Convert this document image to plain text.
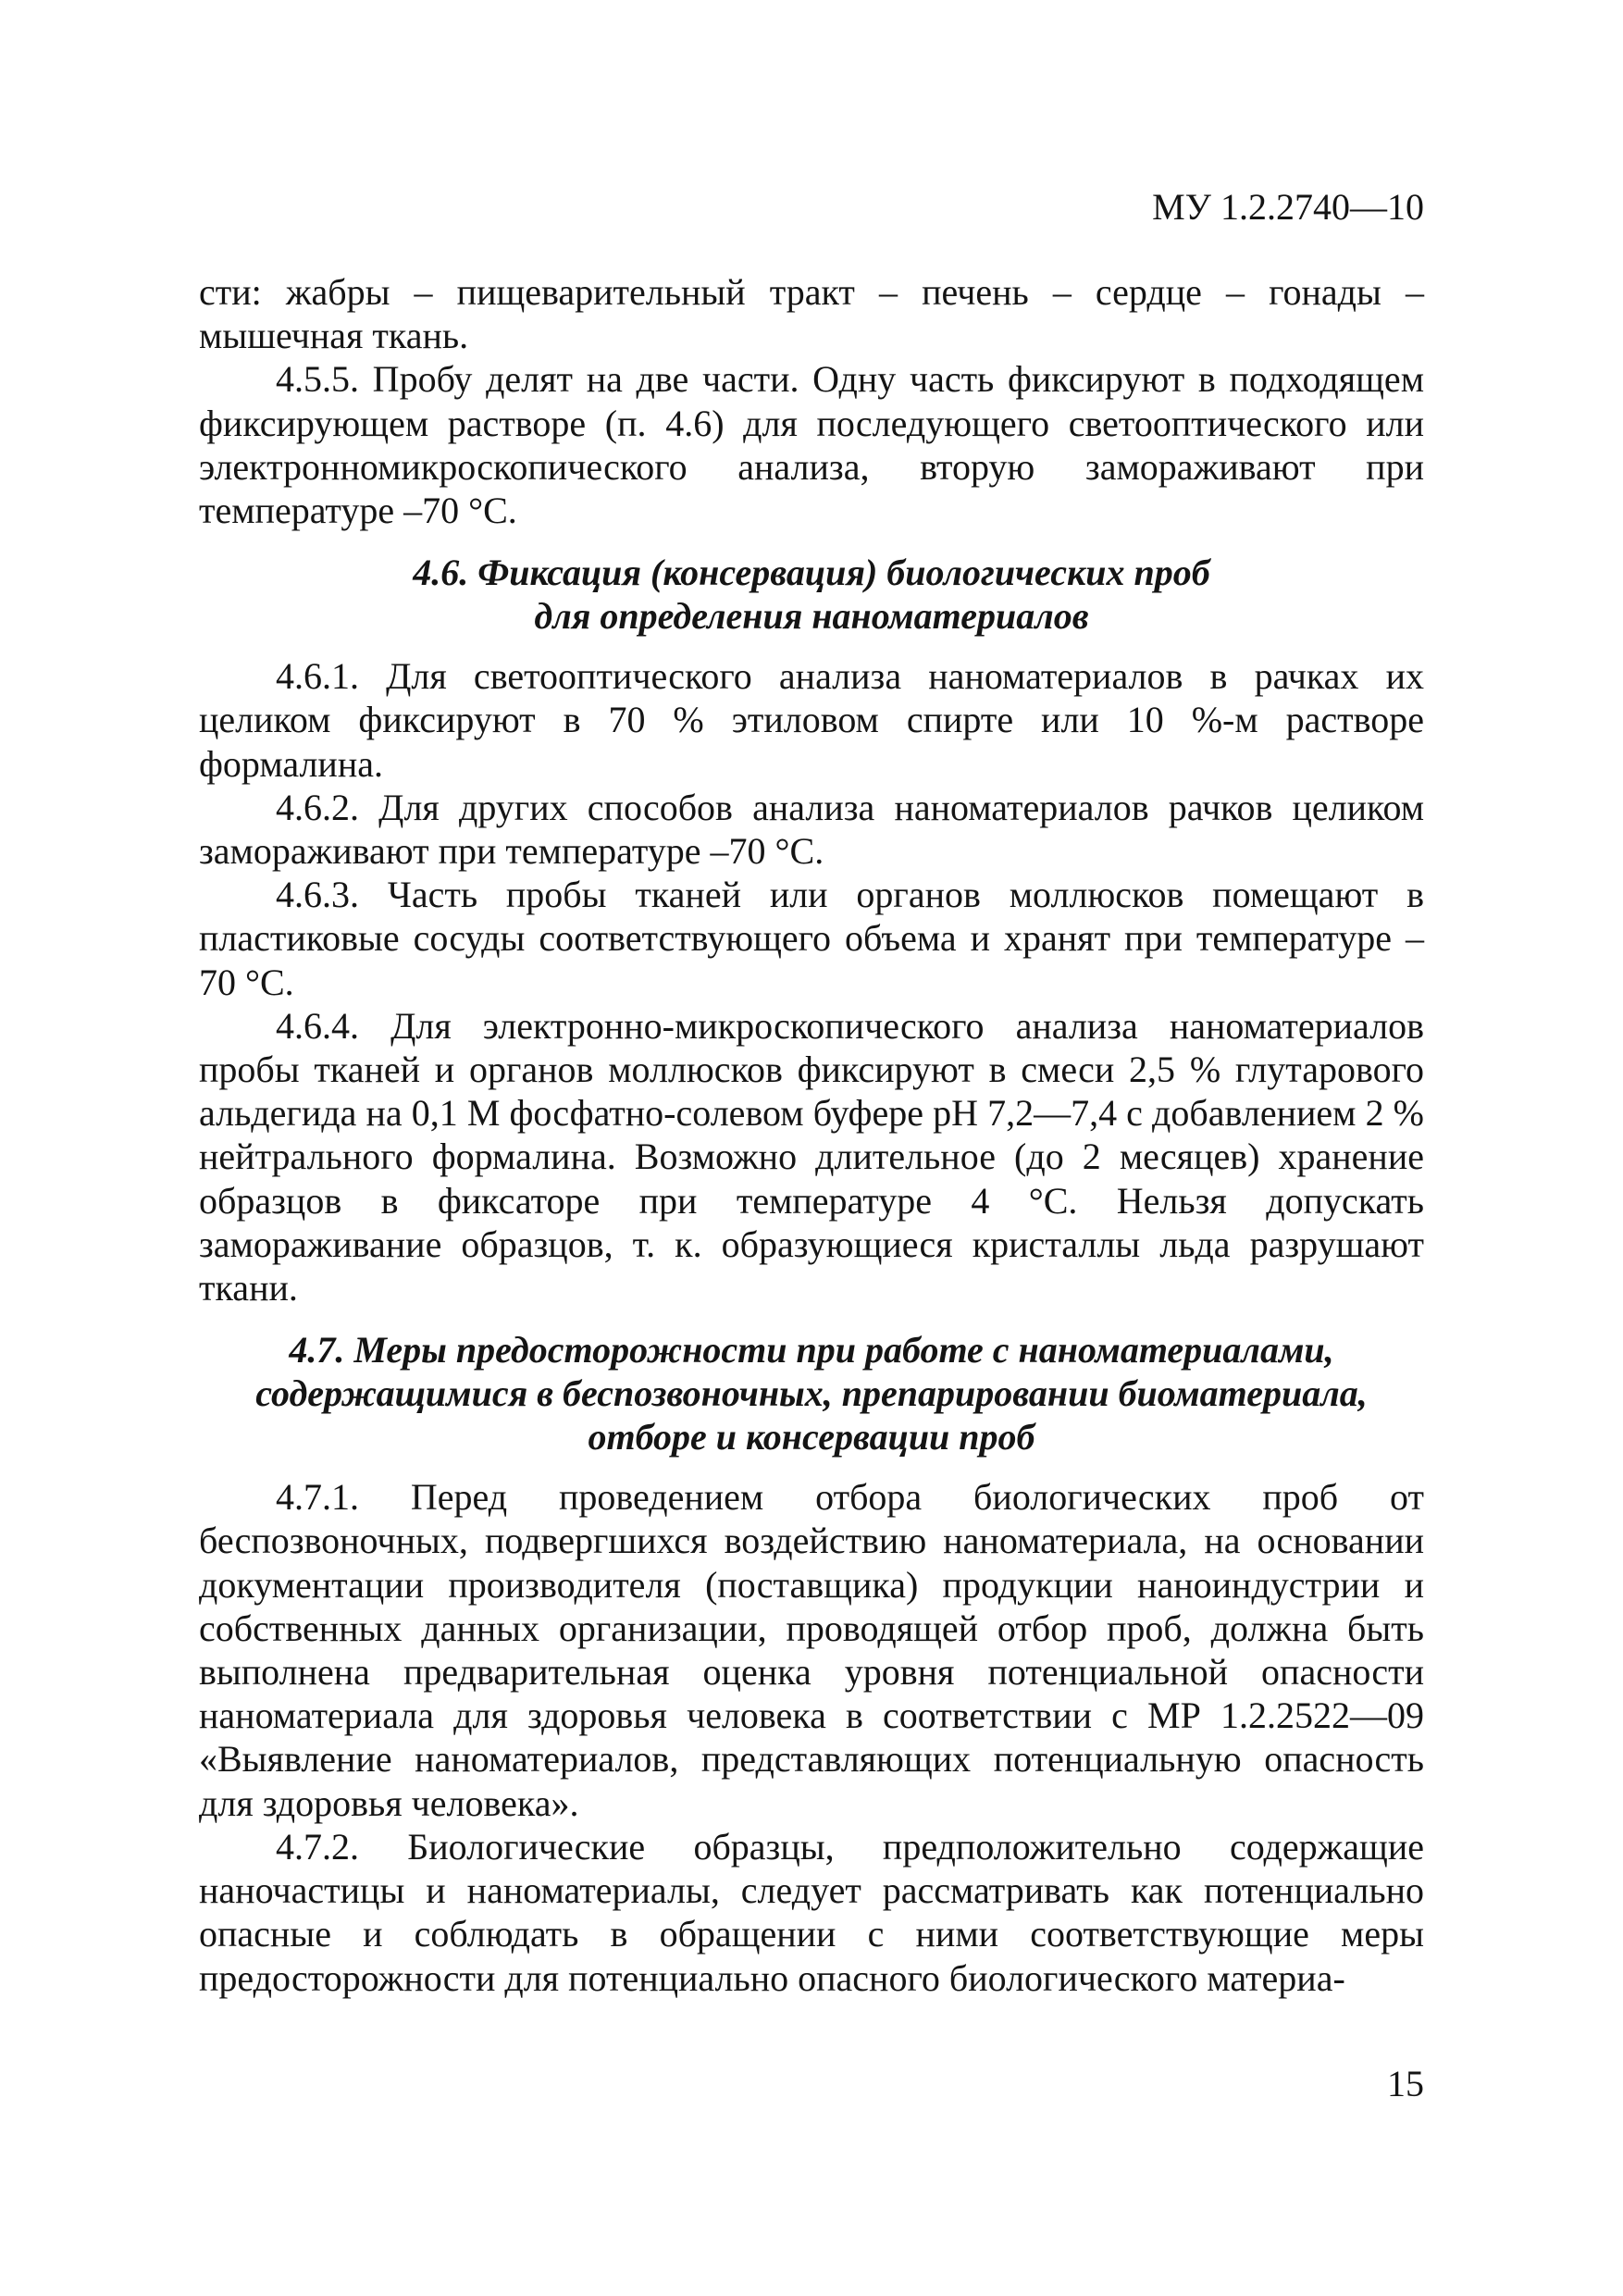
МУ 1.2.2740—10

сти: жабры – пищеварительный тракт – печень – сердце – гонады – мышечная ткань.

4.5.5. Пробу делят на две части. Одну часть фиксируют в подходящем фиксирующем растворе (п. 4.6) для последующего светооптического или электронномикроскопического анализа, вторую замораживают при температуре –70 °С.

4.6. Фиксация (консервация) биологических проб
для определения наноматериалов

4.6.1. Для светооптического анализа наноматериалов в рачках их целиком фиксируют в 70 % этиловом спирте или 10 %-м растворе формалина.

4.6.2. Для других способов анализа наноматериалов рачков целиком замораживают при температуре –70 °С.

4.6.3. Часть пробы тканей или органов моллюсков помещают в пластиковые сосуды соответствующего объема и хранят при температуре –70 °С.

4.6.4. Для электронно-микроскопического анализа наноматериалов пробы тканей и органов моллюсков фиксируют в смеси 2,5 % глутарового альдегида на 0,1 М фосфатно-солевом буфере рН 7,2—7,4 с добавлением 2 % нейтрального формалина. Возможно длительное (до 2 месяцев) хранение образцов в фиксаторе при температуре 4 °С. Нельзя допускать замораживание образцов, т. к. образующиеся кристаллы льда разрушают ткани.

4.7. Меры предосторожности при работе с наноматериалами,
содержащимися в беспозвоночных, препарировании биоматериала,
отборе и консервации проб

4.7.1. Перед проведением отбора биологических проб от беспозвоночных, подвергшихся воздействию наноматериала, на основании документации производителя (поставщика) продукции наноиндустрии и собственных данных организации, проводящей отбор проб, должна быть выполнена предварительная оценка уровня потенциальной опасности наноматериала для здоровья человека в соответствии с МР 1.2.2522—09 «Выявление наноматериалов, представляющих потенциальную опасность для здоровья человека».

4.7.2. Биологические образцы, предположительно содержащие наночастицы и наноматериалы, следует рассматривать как потенциально опасные и соблюдать в обращении с ними соответствующие меры предосторожности для потенциально опасного биологического материа-

15
